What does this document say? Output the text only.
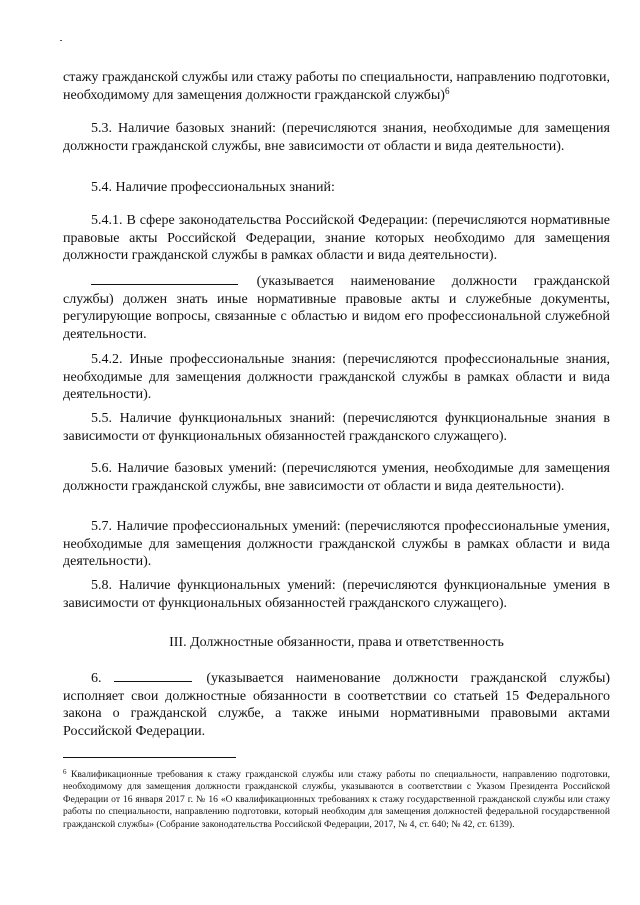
стажу гражданской службы или стажу работы по специальности, направлению подготовки, необходимому для замещения должности гражданской службы)$^6$
5.3. Наличие базовых знаний: (перечисляются знания, необходимые для замещения должности гражданской службы, вне зависимости от области и вида деятельности).
5.4. Наличие профессиональных знаний:
5.4.1. В сфере законодательства Российской Федерации: (перечисляются нормативные правовые акты Российской Федерации, знание которых необходимо для замещения должности гражданской службы в рамках области и вида деятельности).
(указывается наименование должности гражданской службы) должен знать иные нормативные правовые акты и служебные документы, регулирующие вопросы, связанные с областью и видом его профессиональной служебной деятельности.
5.4.2. Иные профессиональные знания: (перечисляются профессиональные знания, необходимые для замещения должности гражданской службы в рамках области и вида деятельности).
5.5. Наличие функциональных знаний: (перечисляются функциональные знания в зависимости от функциональных обязанностей гражданского служащего).
5.6. Наличие базовых умений: (перечисляются умения, необходимые для замещения должности гражданской службы, вне зависимости от области и вида деятельности).
5.7. Наличие профессиональных умений: (перечисляются профессиональные умения, необходимые для замещения должности гражданской службы в рамках области и вида деятельности).
5.8. Наличие функциональных умений: (перечисляются функциональные умения в зависимости от функциональных обязанностей гражданского служащего).
III. Должностные обязанности, права и ответственность
6.	(указывается наименование должности гражданской службы) исполняет свои должностные обязанности в соответствии со статьей 15 Федерального закона о гражданской службе, а также иными нормативными правовыми актами Российской Федерации.
$^6$ Квалификационные требования к стажу гражданской службы или стажу работы по специальности, направлению подготовки, необходимому для замещения должности гражданской службы, указываются в соответствии с Указом Президента Российской Федерации от 16 января 2017 г. № 16 «О квалификационных требованиях к стажу государственной гражданской службы или стажу работы по специальности, направлению подготовки, который необходим для замещения должностей федеральной государственной гражданской службы» (Собрание законодательства Российской Федерации, 2017, № 4, ст. 640; № 42, ст. 6139).
